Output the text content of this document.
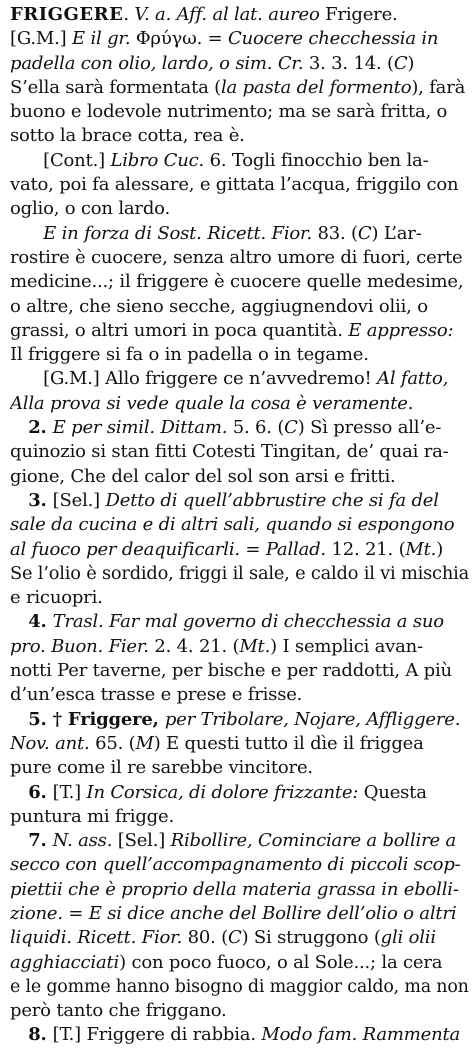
FRIGGERE. V. a. Aff. al lat. aureo Frigere.
[G.M.] E il gr. Φρύγω. = Cuocere checchessia in
padella con olio, lardo, o sim. Cr. 3. 3. 14. (C)
S’ella sarà formentata (la pasta del formento), farà
buono e lodevole nutrimento; ma se sarà fritta, o
sotto la brace cotta, rea è.
[Cont.] Libro Cuc. 6. Togli finocchio ben la-
vato, poi fa alessare, e gittata l’acqua, friggilo con
oglio, o con lardo.
E in forza di Sost. Ricett. Fior. 83. (C) L’ar-
rostire è cuocere, senza altro umore di fuori, certe
medicine...; il friggere è cuocere quelle medesime,
o altre, che sieno secche, aggiugnendovi olii, o
grassi, o altri umori in poca quantità. E appresso:
Il friggere si fa o in padella o in tegame.
[G.M.] Allo friggere ce n’avvedremo! Al fatto,
Alla prova si vede quale la cosa è veramente.
2. E per simil. Dittam. 5. 6. (C) Sì presso all’e-
quinozio si stan fitti Cotesti Tingitan, de’ quai ra-
gione, Che del calor del sol son arsi e fritti.
3. [Sel.] Detto di quell’abbrustire che si fa del
sale da cucina e di altri sali, quando si espongono
al fuoco per deaquificarli. = Pallad. 12. 21. (Mt.)
Se l’olio è sordido, friggi il sale, e caldo il vi mischia
e ricuopri.
4. Trasl. Far mal governo di checchessia a suo
pro. Buon. Fier. 2. 4. 21. (Mt.) I semplici avan-
notti Per taverne, per bische e per raddotti, A più
d’un’esca trasse e prese e frisse.
5. † Friggere, per Tribolare, Nojare, Affliggere.
Nov. ant. 65. (M) E questi tutto il dìe il friggea
pure come il re sarebbe vincitore.
6. [T.] In Corsica, di dolore frizzante: Questa
puntura mi frigge.
7. N. ass. [Sel.] Ribollire, Cominciare a bollire a
secco con quell’accompagnamento di piccoli scop-
piettii che è proprio della materia grassa in ebolli-
zione. = E si dice anche del Bollire dell’olio o altri
liquidi. Ricett. Fior. 80. (C) Si struggono (gli olii
agghiacciati) con poco fuoco, o al Sole...; la cera
e le gomme hanno bisogno di maggior caldo, ma non
però tanto che friggano.
8. [T.] Friggere di rabbia. Modo fam. Rammenta
